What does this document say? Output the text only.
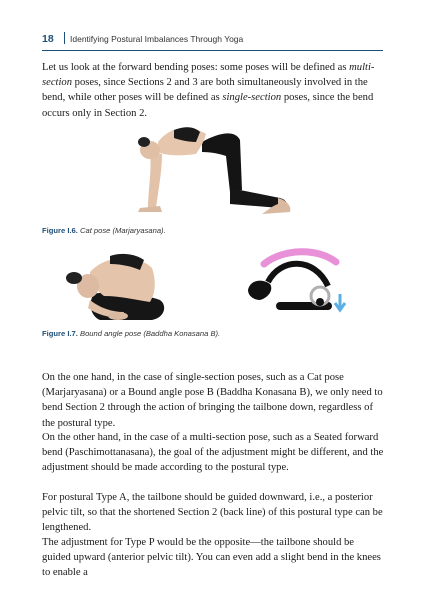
18 Identifying Postural Imbalances Through Yoga

Let us look at the forward bending poses: some poses will be defined as multi-section poses, since Sections 2 and 3 are both simultaneously involved in the bend, while other poses will be defined as single-section poses, since the bend occurs only in Section 2.

Figure I.6. Cat pose (Marjaryasana).
Figure I.7. Bound angle pose (Baddha Konasana B).

On the one hand, in the case of single-section poses, such as a Cat pose (Marjaryasana) or a Bound angle pose B (Baddha Konasana B), we only need to bend Section 2 through the action of bringing the tailbone down, regardless of the postural type.

On the other hand, in the case of a multi-section pose, such as a Seated forward bend (Paschimottanasana), the goal of the adjustment might be different, and the adjustment should be made according to the postural type.

For postural Type A, the tailbone should be guided downward, i.e., a posterior pelvic tilt, so that the shortened Section 2 (back line) of this postural type can be lengthened.

The adjustment for Type P would be the opposite—the tailbone should be guided upward (anterior pelvic tilt). You can even add a slight bend in the knees to enable a
